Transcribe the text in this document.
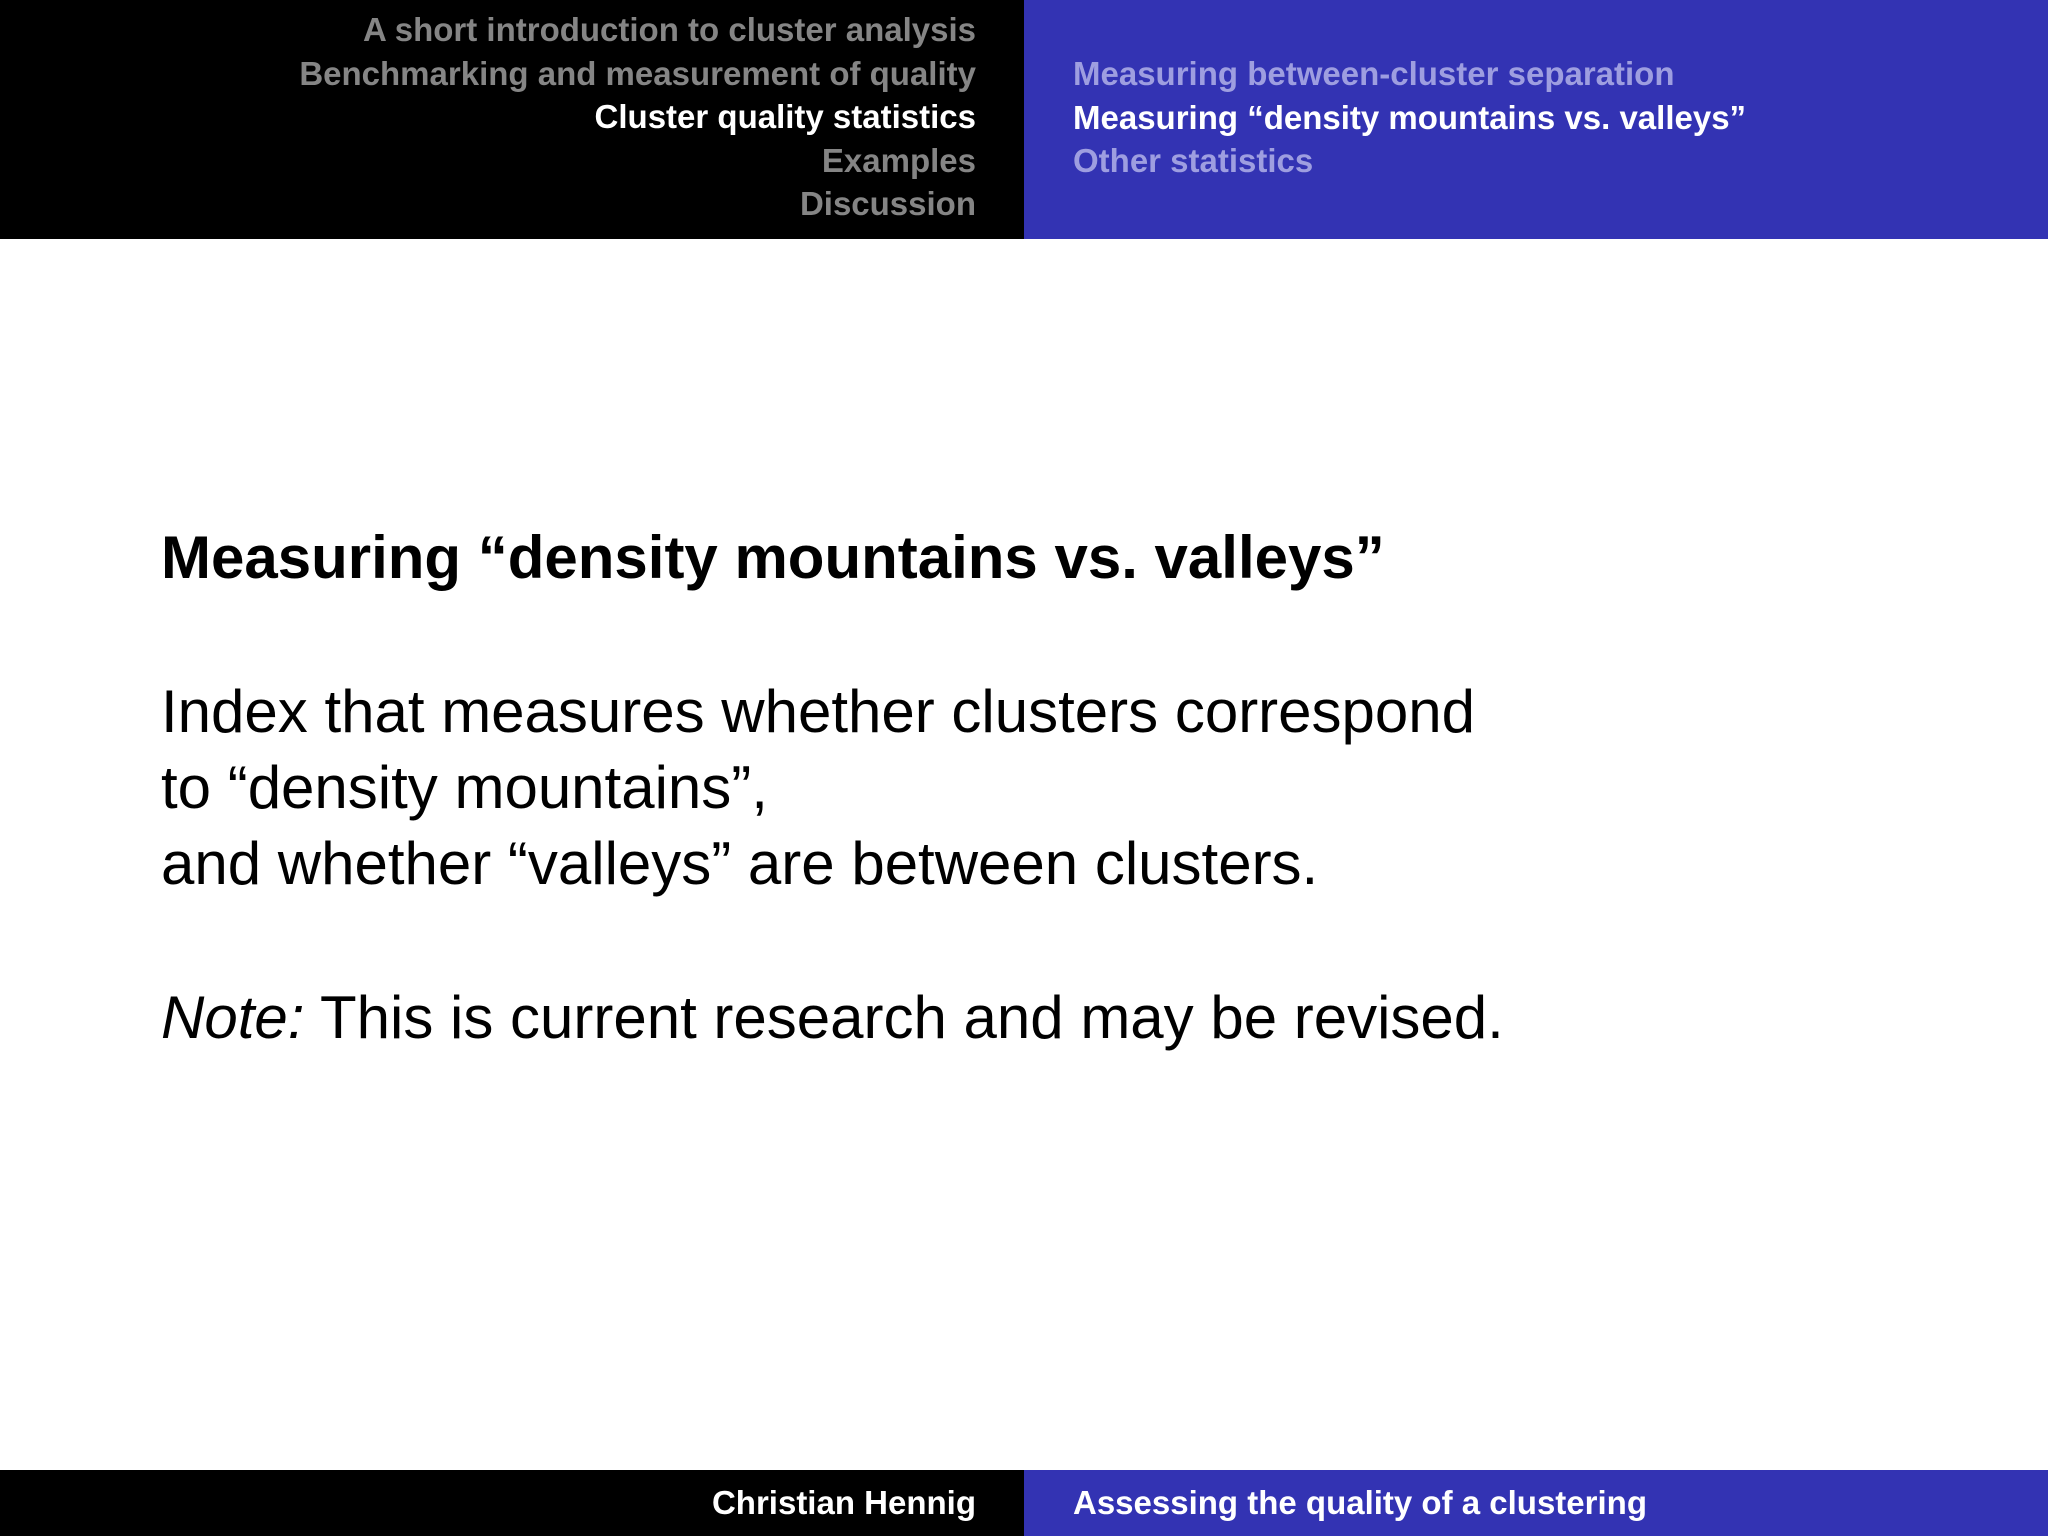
A short introduction to cluster analysis
Benchmarking and measurement of quality
Cluster quality statistics
Examples
Discussion
Measuring between-cluster separation
Measuring “density mountains vs. valleys”
Other statistics
Measuring “density mountains vs. valleys”
Index that measures whether clusters correspond
to “density mountains”,
and whether “valleys” are between clusters.
Note: This is current research and may be revised.
Christian Hennig	Assessing the quality of a clustering
